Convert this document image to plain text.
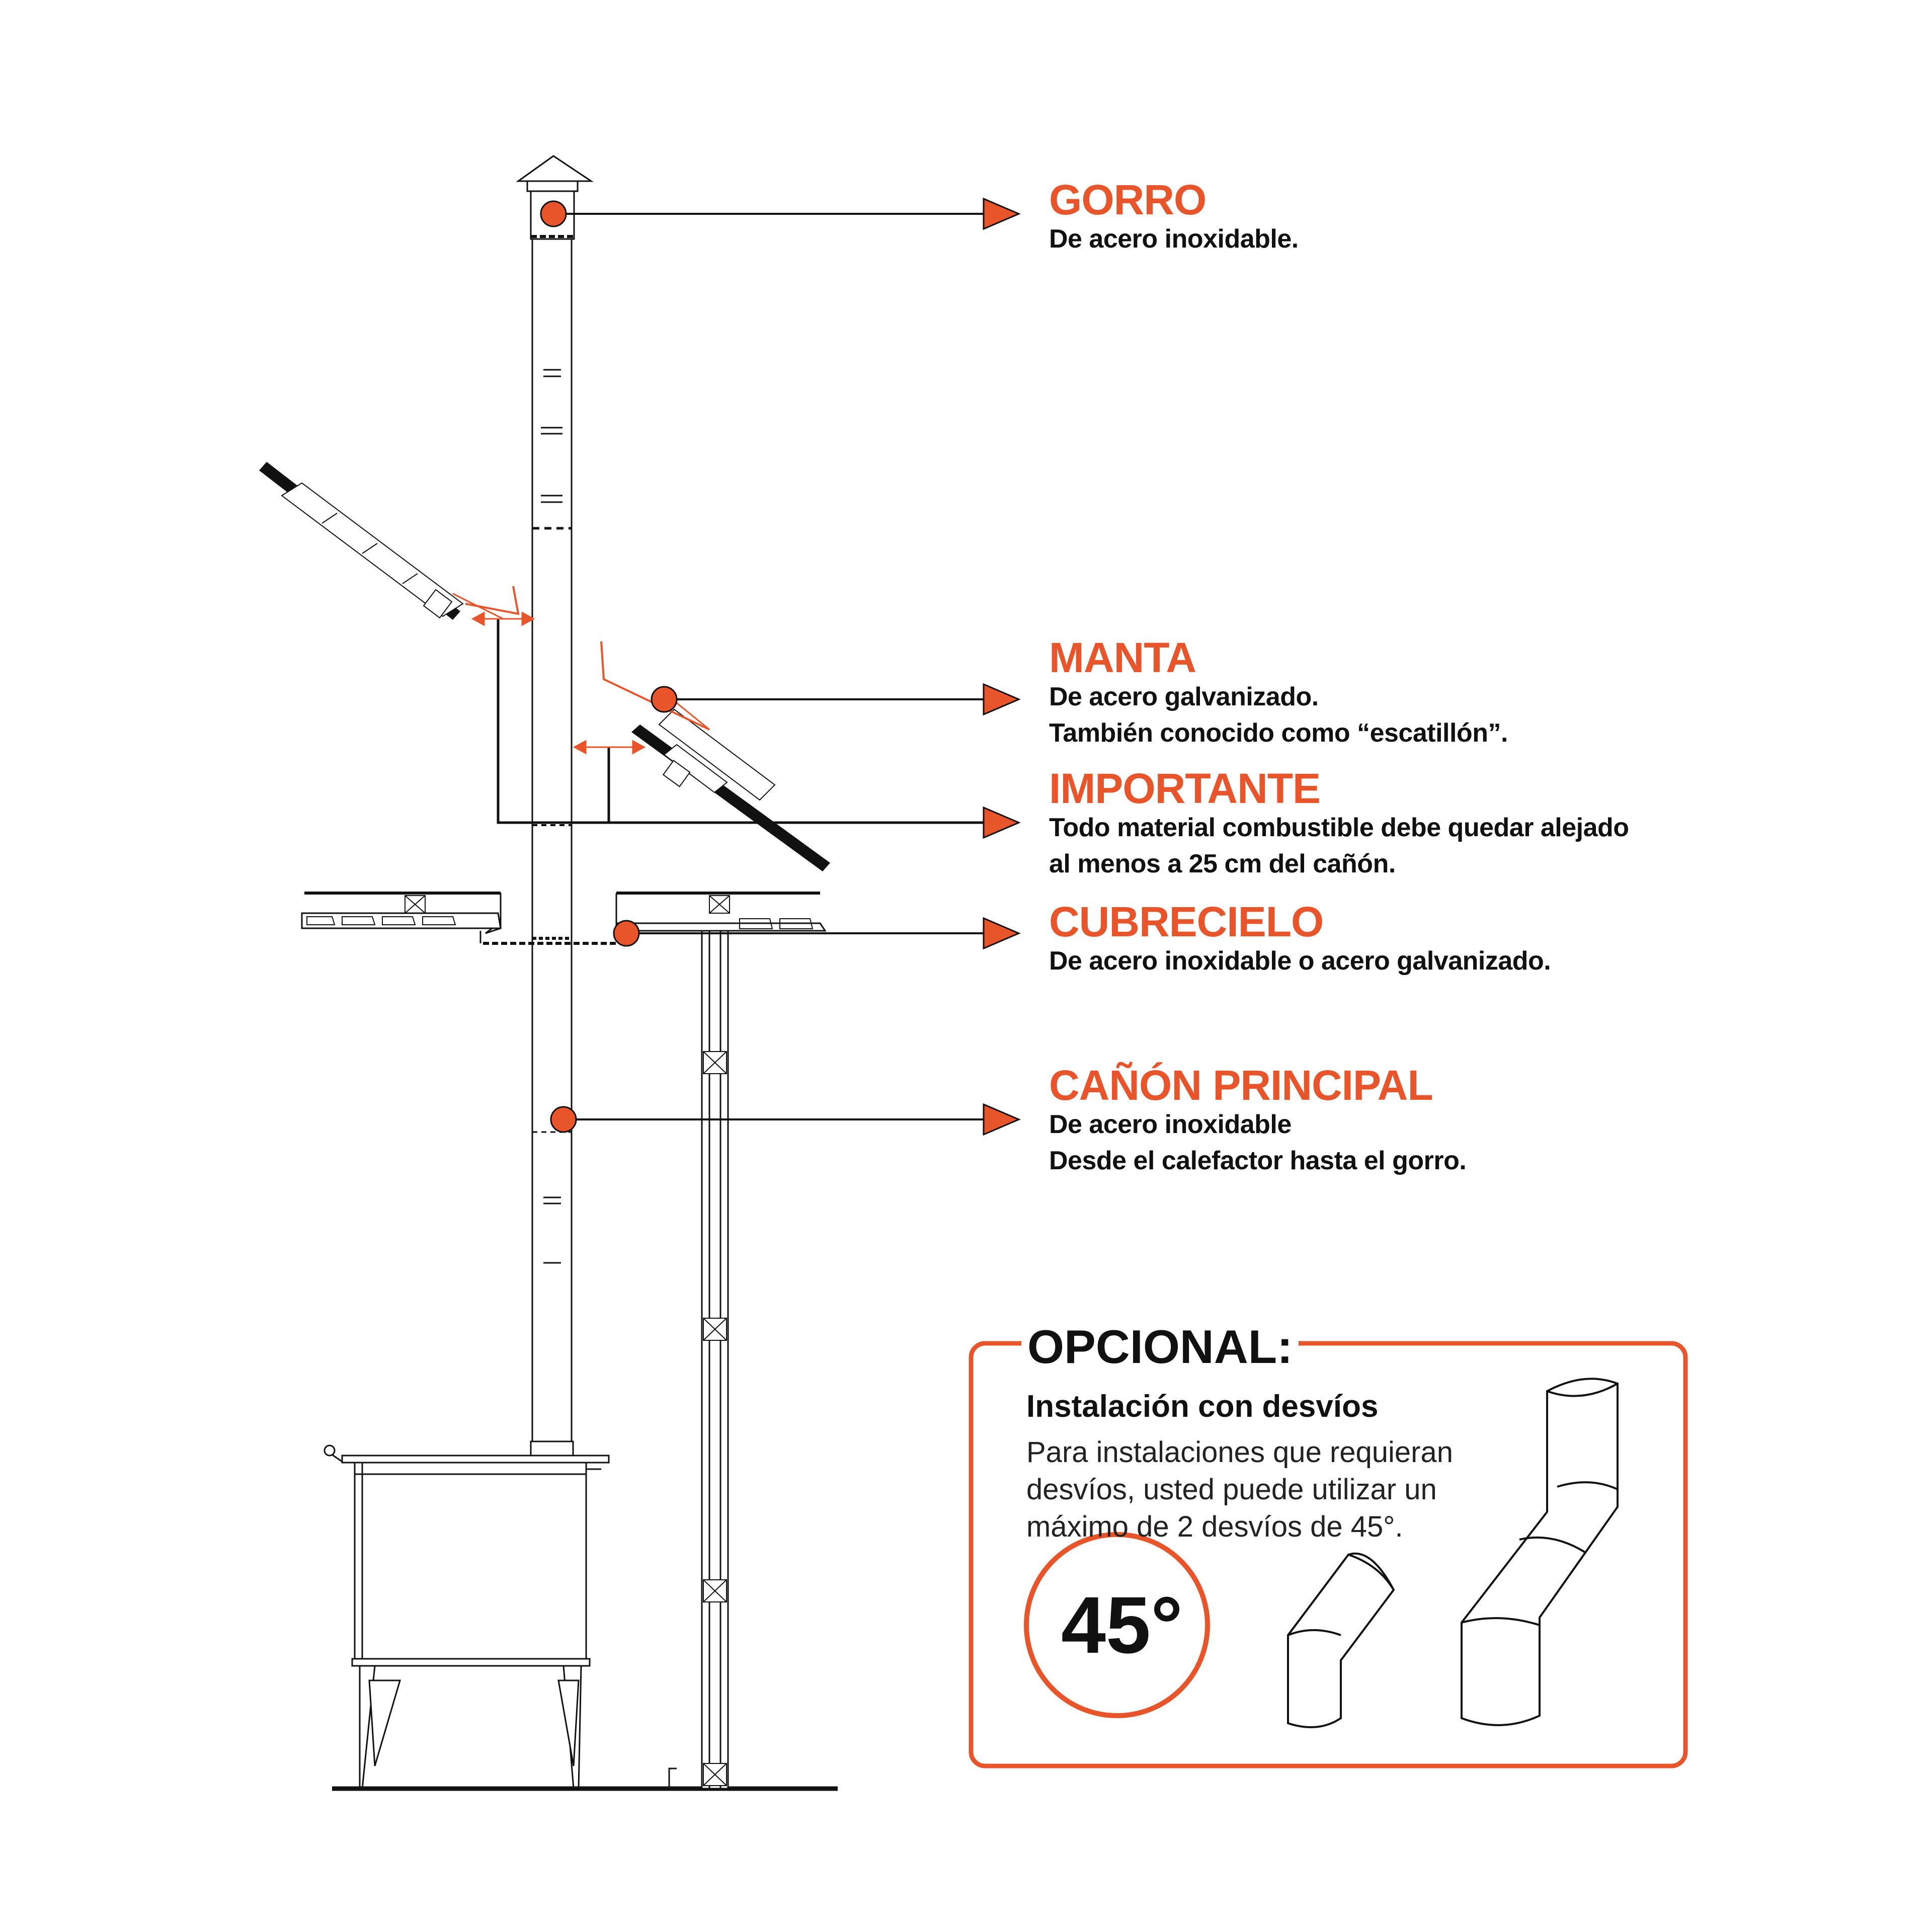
GORRO
De acero inoxidable.
MANTA
De acero galvanizado.
También conocido como “escatillón”.
IMPORTANTE
Todo material combustible debe quedar alejado
al menos a 25 cm del cañón.
CUBRECIELO
De acero inoxidable o acero galvanizado.
CAÑÓN PRINCIPAL
De acero inoxidable
Desde el calefactor hasta el gorro.
OPCIONAL:
Instalación con desvíos
Para instalaciones que requieran desvíos, usted puede utilizar un máximo de 2 desvíos de 45°.
45°
